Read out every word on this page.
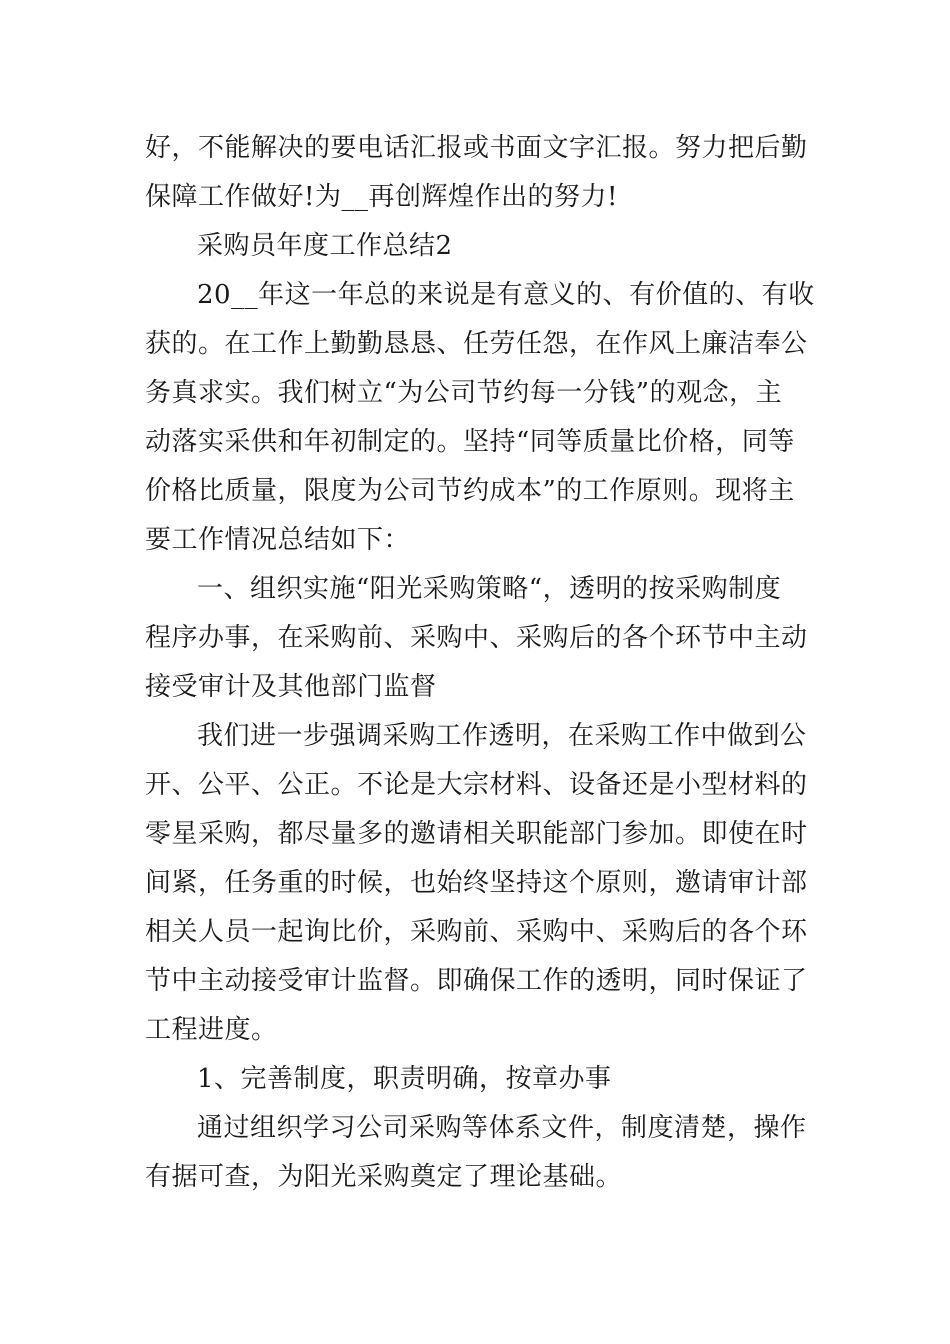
好，不能解决的要电话汇报或书面文字汇报。努力把后勤
保障工作做好!为__再创辉煌作出的努力!
采购员年度工作总结2
20__年这一年总的来说是有意义的、有价值的、有收
获的。在工作上勤勤恳恳、任劳任怨，在作风上廉洁奉公
务真求实。我们树立“为公司节约每一分钱”的观念，主
动落实采供和年初制定的。坚持“同等质量比价格，同等
价格比质量，限度为公司节约成本”的工作原则。现将主
要工作情况总结如下：
一、组织实施“阳光采购策略“，透明的按采购制度
程序办事，在采购前、采购中、采购后的各个环节中主动
接受审计及其他部门监督
我们进一步强调采购工作透明，在采购工作中做到公
开、公平、公正。不论是大宗材料、设备还是小型材料的
零星采购，都尽量多的邀请相关职能部门参加。即使在时
间紧，任务重的时候，也始终坚持这个原则，邀请审计部
相关人员一起询比价，采购前、采购中、采购后的各个环
节中主动接受审计监督。即确保工作的透明，同时保证了
工程进度。
1、完善制度，职责明确，按章办事
通过组织学习公司采购等体系文件，制度清楚，操作
有据可查，为阳光采购奠定了理论基础。
